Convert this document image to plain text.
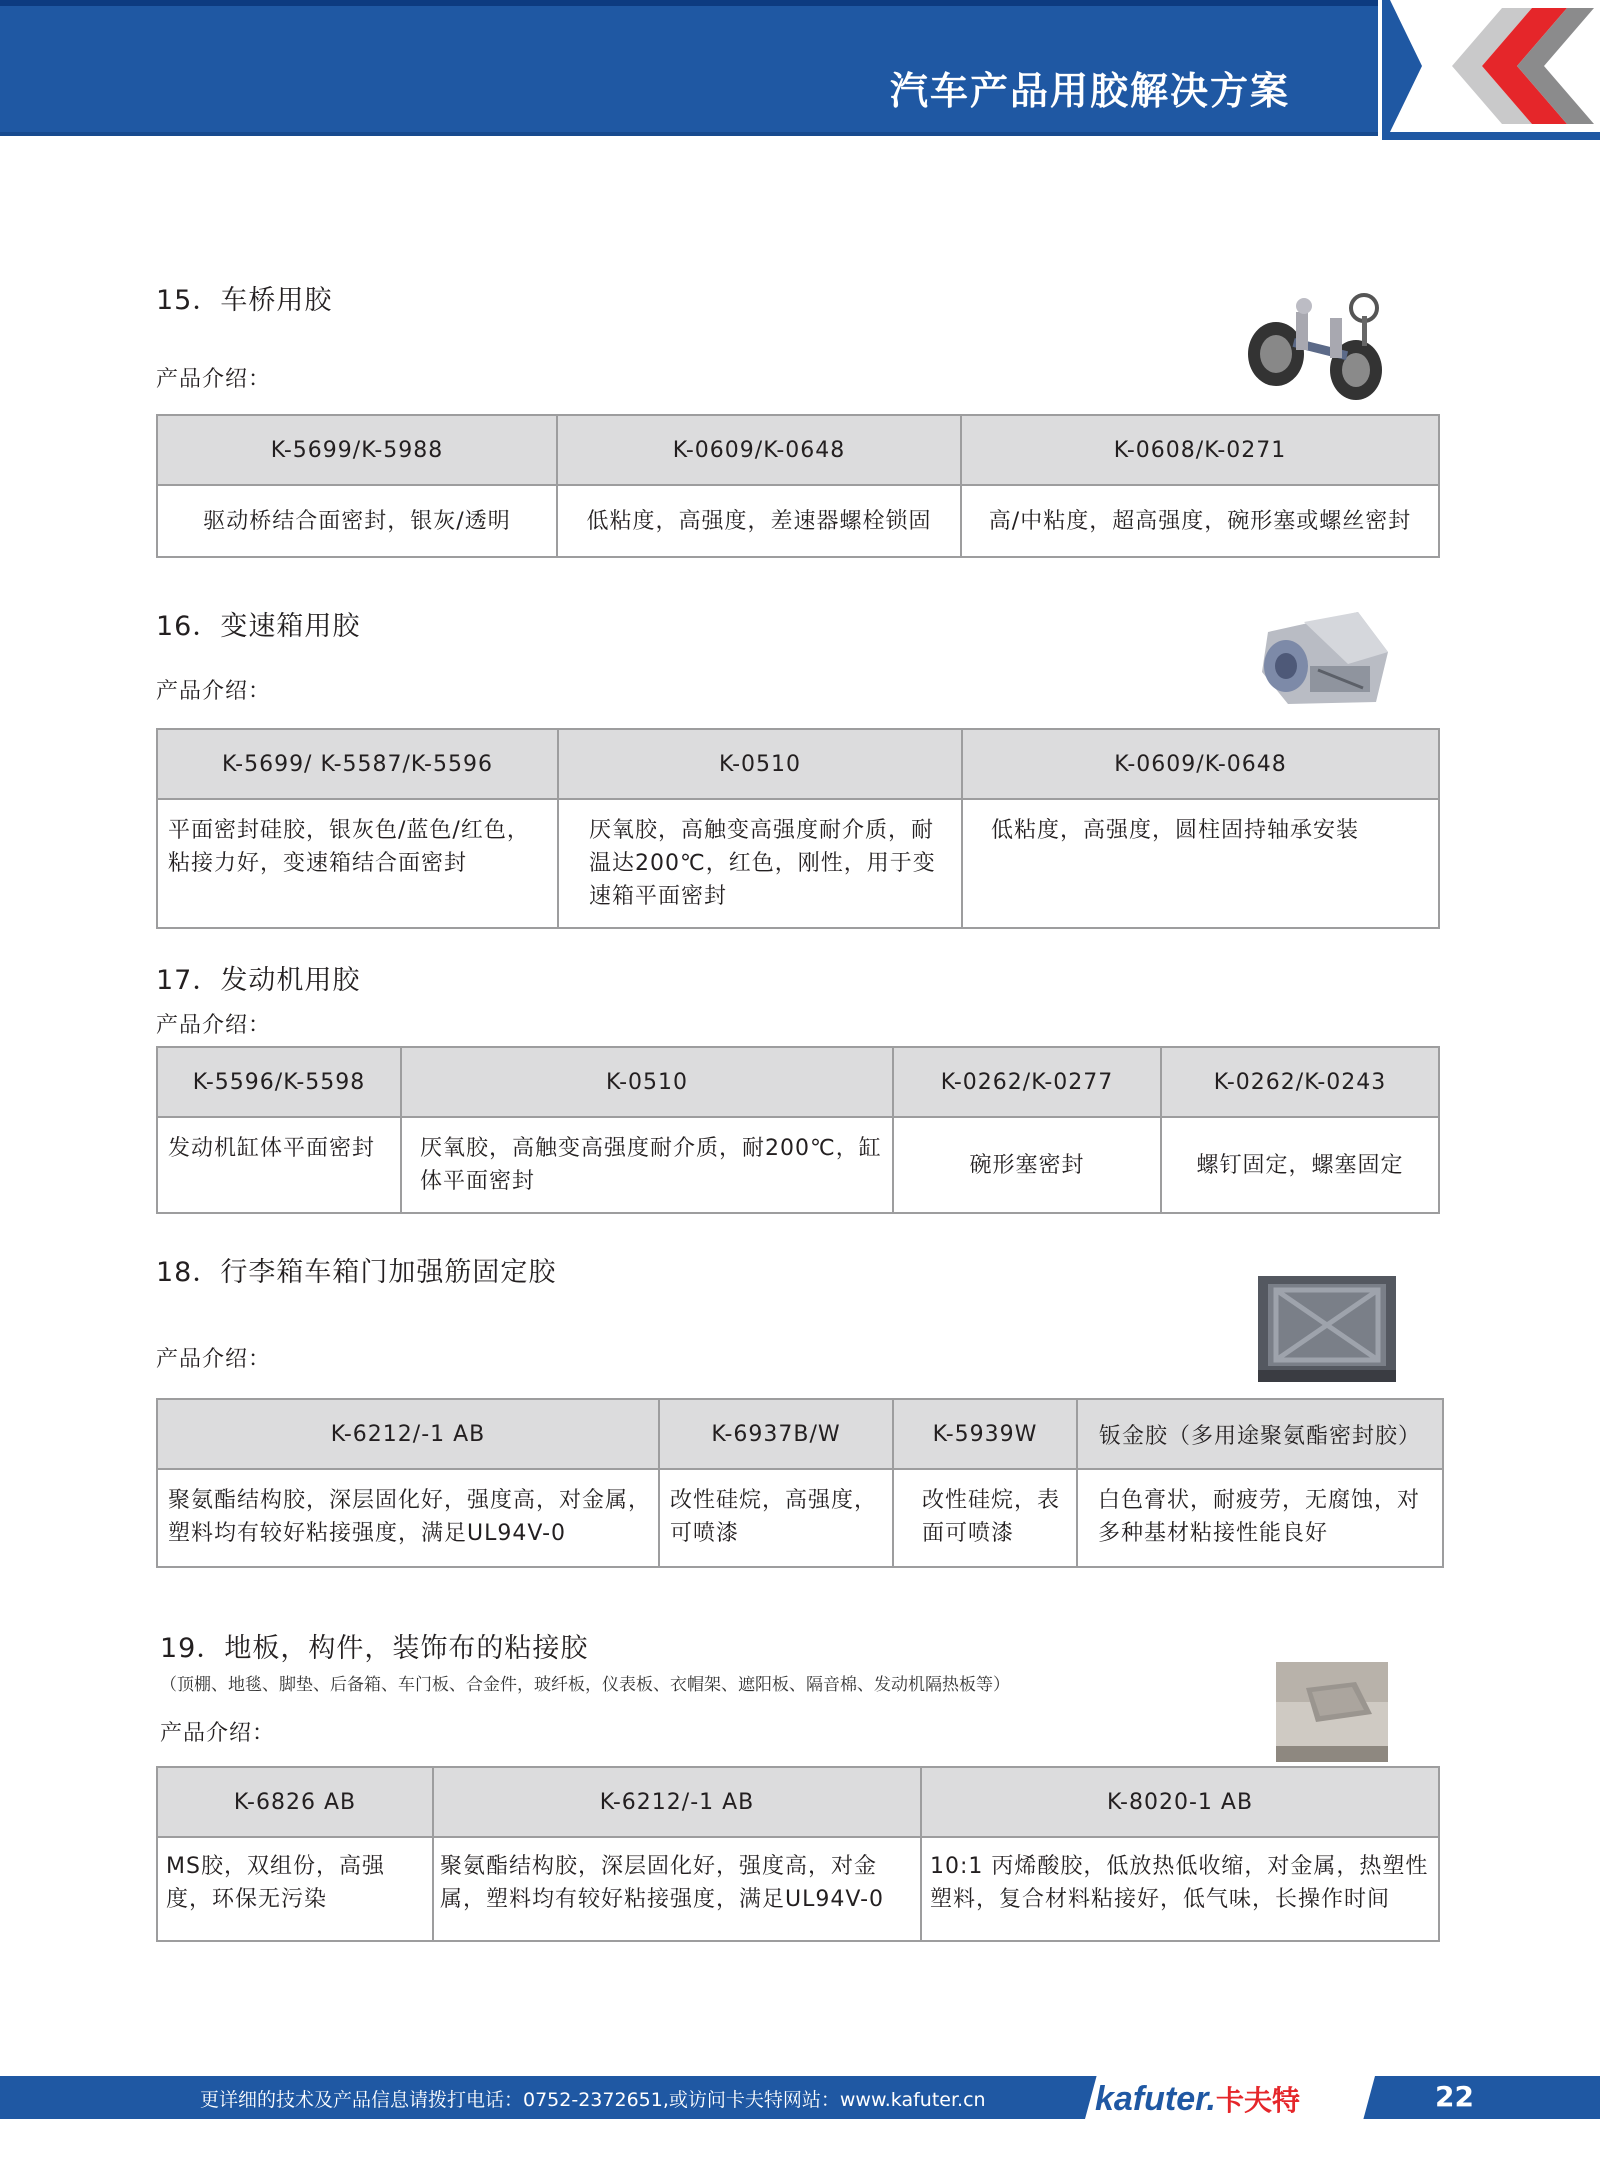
汽车产品用胶解决方案
15．车桥用胶
产品介绍：
K-5699/K-5988	K-0609/K-0648	K-0608/K-0271
驱动桥结合面密封，银灰/透明	低粘度，高强度，差速器螺栓锁固	高/中粘度，超高强度，碗形塞或螺丝密封
16．变速箱用胶
产品介绍：
K-5699/ K-5587/K-5596	K-0510	K-0609/K-0648
平面密封硅胶，银灰色/蓝色/红色，粘接力好，变速箱结合面密封	厌氧胶，高触变高强度耐介质，耐温达200℃，红色，刚性，用于变速箱平面密封	低粘度，高强度，圆柱固持轴承安装
17．发动机用胶
产品介绍：
K-5596/K-5598	K-0510	K-0262/K-0277	K-0262/K-0243
发动机缸体平面密封	厌氧胶，高触变高强度耐介质，耐200℃，缸体平面密封	碗形塞密封	螺钉固定，螺塞固定
18．行李箱车箱门加强筋固定胶
产品介绍：
K-6212/-1 AB	K-6937B/W	K-5939W	钣金胶（多用途聚氨酯密封胶）
聚氨酯结构胶，深层固化好，强度高，对金属，塑料均有较好粘接强度，满足UL94V-0	改性硅烷，高强度，可喷漆	改性硅烷，表面可喷漆	白色膏状，耐疲劳，无腐蚀，对多种基材粘接性能良好
19．地板，构件，装饰布的粘接胶
（顶棚、地毯、脚垫、后备箱、车门板、合金件，玻纤板，仪表板、衣帽架、遮阳板、隔音棉、发动机隔热板等）
产品介绍：
K-6826 AB	K-6212/-1 AB	K-8020-1 AB
MS胶，双组份，高强度，环保无污染	聚氨酯结构胶，深层固化好，强度高，对金属，塑料均有较好粘接强度，满足UL94V-0	10:1 丙烯酸胶，低放热低收缩，对金属，热塑性塑料，复合材料粘接好，低气味，长操作时间
更详细的技术及产品信息请拨打电话：0752-2372651,或访问卡夫特网站：www.kafuter.cn	kafuter.卡夫特	22
